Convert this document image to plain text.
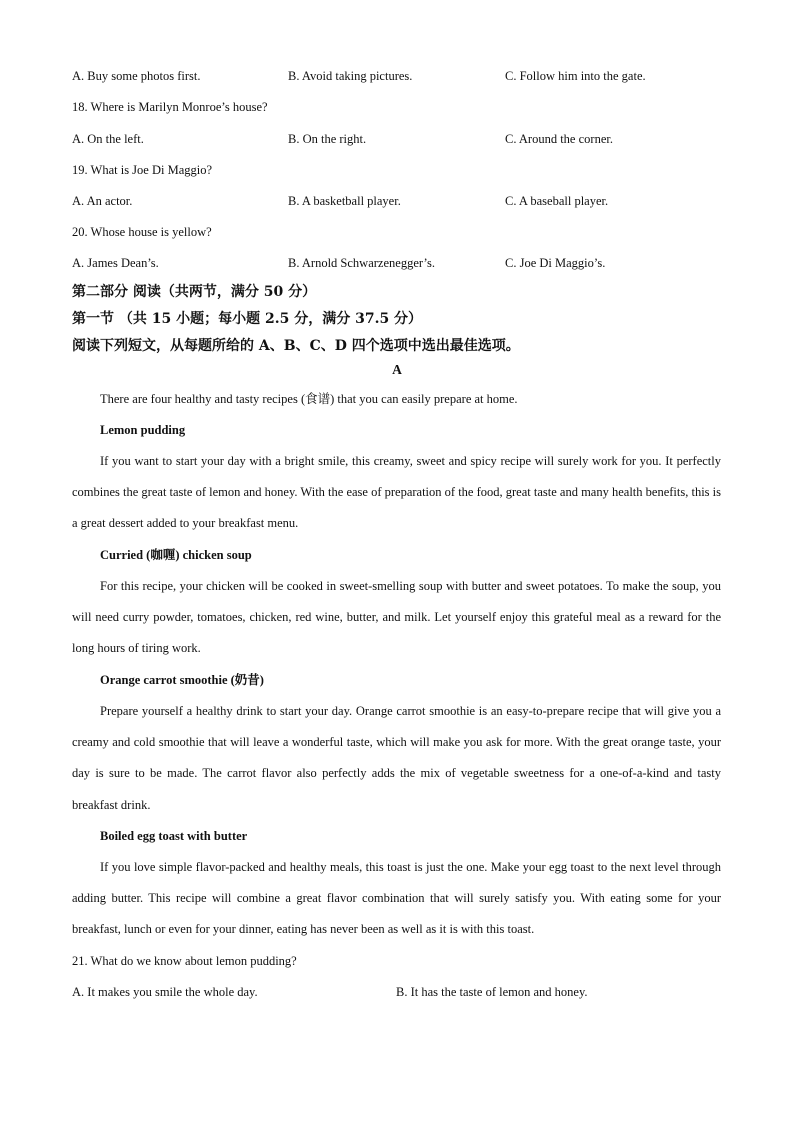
A. Buy some photos first.	B. Avoid taking pictures.	C. Follow him into the gate.
18. Where is Marilyn Monroe’s house?
A. On the left.	B. On the right.	C. Around the corner.
19. What is Joe Di Maggio?
A. An actor.	B. A basketball player.	C. A baseball player.
20. Whose house is yellow?
A. James Dean’s.	B. Arnold Schwarzenegger’s.	C. Joe Di Maggio’s.
第二部分 阅读（共两节，满分 50 分）
第一节 （共 15 小题；每小题 2.5 分，满分 37.5 分）
阅读下列短文，从每题所给的 A、B、C、D 四个选项中选出最佳选项。
A
There are four healthy and tasty recipes (食谱) that you can easily prepare at home.
Lemon pudding

If you want to start your day with a bright smile, this creamy, sweet and spicy recipe will surely work for you. It perfectly combines the great taste of lemon and honey. With the ease of preparation of the food, great taste and many health benefits, this is a great dessert added to your breakfast menu.

Curried (咖喱) chicken soup

For this recipe, your chicken will be cooked in sweet-smelling soup with butter and sweet potatoes. To make the soup, you will need curry powder, tomatoes, chicken, red wine, butter, and milk. Let yourself enjoy this grateful meal as a reward for the long hours of tiring work.

Orange carrot smoothie (奶昔)

Prepare yourself a healthy drink to start your day. Orange carrot smoothie is an easy-to-prepare recipe that will give you a creamy and cold smoothie that will leave a wonderful taste, which will make you ask for more. With the great orange taste, your day is sure to be made. The carrot flavor also perfectly adds the mix of vegetable sweetness for a one-of-a-kind and tasty breakfast drink.

Boiled egg toast with butter

If you love simple flavor-packed and healthy meals, this toast is just the one. Make your egg toast to the next level through adding butter. This recipe will combine a great flavor combination that will surely satisfy you. With eating some for your breakfast, lunch or even for your dinner, eating has never been as well as it is with this toast.

21. What do we know about lemon pudding?
A. It makes you smile the whole day.	B. It has the taste of lemon and honey.
